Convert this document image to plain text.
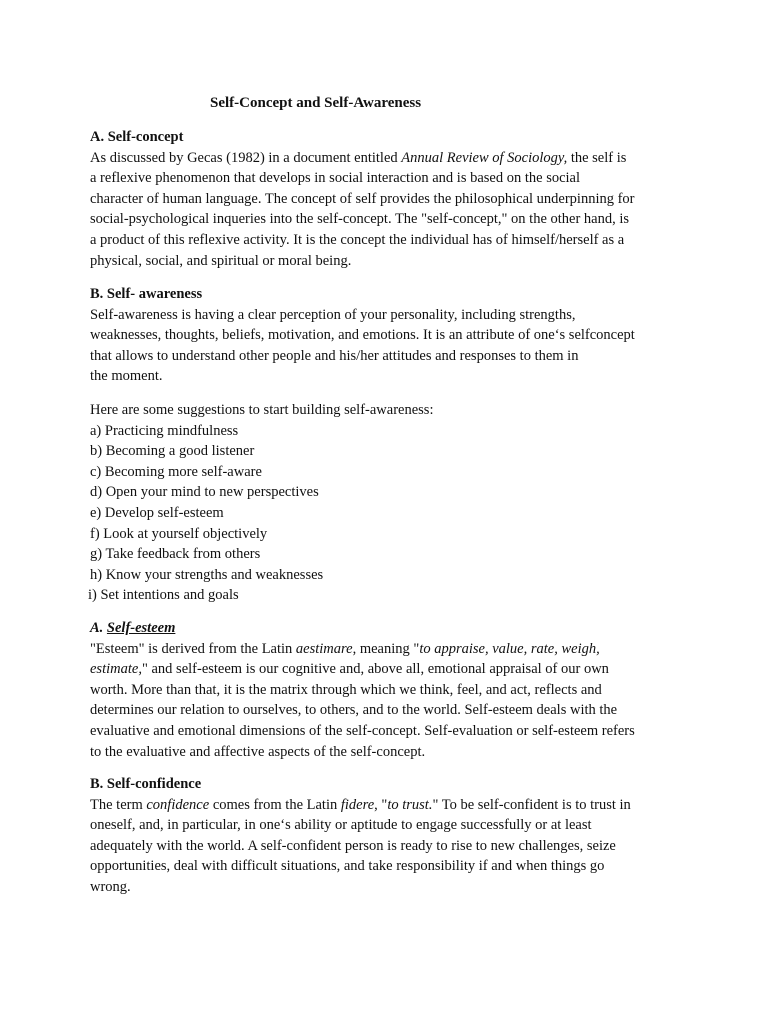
Self-Concept and Self-Awareness
A. Self-concept
As discussed by Gecas (1982) in a document entitled Annual Review of Sociology, the self is
a reflexive phenomenon that develops in social interaction and is based on the social
character of human language. The concept of self provides the philosophical underpinning for
social-psychological inqueries into the self-concept. The "self-concept," on the other hand, is
a product of this reflexive activity. It is the concept the individual has of himself/herself as a
physical, social, and spiritual or moral being.
B. Self- awareness
Self-awareness is having a clear perception of your personality, including strengths,
weaknesses, thoughts, beliefs, motivation, and emotions. It is an attribute of one‘s selfconcept
that allows to understand other people and his/her attitudes and responses to them in
the moment.
Here are some suggestions to start building self-awareness:
a) Practicing mindfulness
b) Becoming a good listener
c) Becoming more self-aware
d) Open your mind to new perspectives
e) Develop self-esteem
f) Look at yourself objectively
g) Take feedback from others
h) Know your strengths and weaknesses
i) Set intentions and goals
A. Self-esteem
"Esteem" is derived from the Latin aestimare, meaning "to appraise, value, rate, weigh,
estimate," and self-esteem is our cognitive and, above all, emotional appraisal of our own
worth. More than that, it is the matrix through which we think, feel, and act, reflects and
determines our relation to ourselves, to others, and to the world. Self-esteem deals with the
evaluative and emotional dimensions of the self-concept. Self-evaluation or self-esteem refers
to the evaluative and affective aspects of the self-concept.
B. Self-confidence
The term confidence comes from the Latin fidere, "to trust." To be self-confident is to trust in
oneself, and, in particular, in one‘s ability or aptitude to engage successfully or at least
adequately with the world. A self-confident person is ready to rise to new challenges, seize
opportunities, deal with difficult situations, and take responsibility if and when things go
wrong.
